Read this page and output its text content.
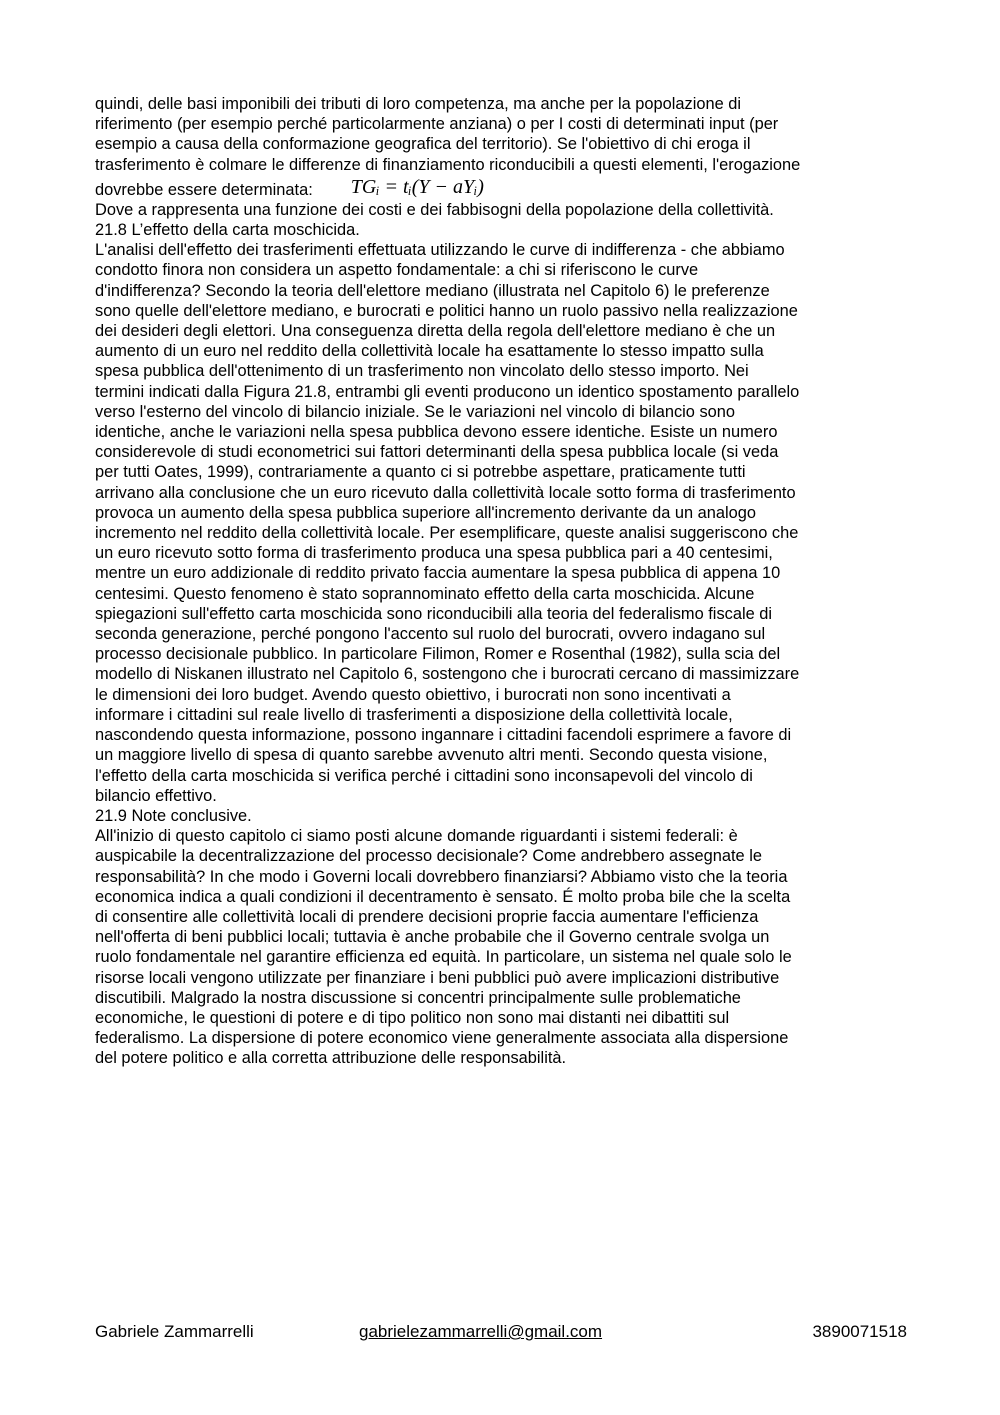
quindi, delle basi imponibili dei tributi di loro competenza, ma anche per la popolazione di

riferimento (per esempio perché particolarmente anziana) o per I costi di determinati input (per

esempio a causa della conformazione geografica del territorio). Se l'obiettivo di chi eroga il

trasferimento è colmare le differenze di finanziamento riconducibili a questi elementi, l'erogazione

dovrebbe essere determinata: TGᵢ = tᵢ(Y − aYᵢ)

Dove a rappresenta una funzione dei costi e dei fabbisogni della popolazione della collettività.

21.8 L’effetto della carta moschicida.

L'analisi dell'effetto dei trasferimenti effettuata utilizzando le curve di indifferenza - che abbiamo

condotto finora non considera un aspetto fondamentale: a chi si riferiscono le curve

d'indifferenza? Secondo la teoria dell'elettore mediano (illustrata nel Capitolo 6) le preferenze

sono quelle dell'elettore mediano, e burocrati e politici hanno un ruolo passivo nella realizzazione

dei desideri degli elettori. Una conseguenza diretta della regola dell'elettore mediano è che un

aumento di un euro nel reddito della collettività locale ha esattamente lo stesso impatto sulla

spesa pubblica dell'ottenimento di un trasferimento non vincolato dello stesso importo. Nei

termini indicati dalla Figura 21.8, entrambi gli eventi producono un identico spostamento parallelo

verso l'esterno del vincolo di bilancio iniziale. Se le variazioni nel vincolo di bilancio sono

identiche, anche le variazioni nella spesa pubblica devono essere identiche. Esiste un numero

considerevole di studi econometrici sui fattori determinanti della spesa pubblica locale (si veda

per tutti Oates, 1999), contrariamente a quanto ci si potrebbe aspettare, praticamente tutti

arrivano alla conclusione che un euro ricevuto dalla collettività locale sotto forma di trasferimento

provoca un aumento della spesa pubblica superiore all'incremento derivante da un analogo

incremento nel reddito della collettività locale. Per esemplificare, queste analisi suggeriscono che

un euro ricevuto sotto forma di trasferimento produca una spesa pubblica pari a 40 centesimi,

mentre un euro addizionale di reddito privato faccia aumentare la spesa pubblica di appena 10

centesimi. Questo fenomeno è stato soprannominato effetto della carta moschicida. Alcune

spiegazioni sull'effetto carta moschicida sono riconducibili alla teoria del federalismo fiscale di

seconda generazione, perché pongono l'accento sul ruolo del burocrati, ovvero indagano sul

processo decisionale pubblico. In particolare Filimon, Romer e Rosenthal (1982), sulla scia del

modello di Niskanen illustrato nel Capitolo 6, sostengono che i burocrati cercano di massimizzare

le dimensioni dei loro budget. Avendo questo obiettivo, i burocrati non sono incentivati a

informare i cittadini sul reale livello di trasferimenti a disposizione della collettività locale,

nascondendo questa informazione, possono ingannare i cittadini facendoli esprimere a favore di

un maggiore livello di spesa di quanto sarebbe avvenuto altri menti. Secondo questa visione,

l'effetto della carta moschicida si verifica perché i cittadini sono inconsapevoli del vincolo di

bilancio effettivo.

21.9 Note conclusive.

All'inizio di questo capitolo ci siamo posti alcune domande riguardanti i sistemi federali: è

auspicabile la decentralizzazione del processo decisionale? Come andrebbero assegnate le

responsabilità? In che modo i Governi locali dovrebbero finanziarsi? Abbiamo visto che la teoria

economica indica a quali condizioni il decentramento è sensato. É molto proba bile che la scelta

di consentire alle collettività locali di prendere decisioni proprie faccia aumentare l'efficienza

nell'offerta di beni pubblici locali; tuttavia è anche probabile che il Governo centrale svolga un

ruolo fondamentale nel garantire efficienza ed equità. In particolare, un sistema nel quale solo le

risorse locali vengono utilizzate per finanziare i beni pubblici può avere implicazioni distributive

discutibili. Malgrado la nostra discussione si concentri principalmente sulle problematiche

economiche, le questioni di potere e di tipo politico non sono mai distanti nei dibattiti sul

federalismo. La dispersione di potere economico viene generalmente associata alla dispersione

del potere politico e alla corretta attribuzione delle responsabilità.

Gabriele Zammarrelli	gabrielezammarrelli@gmail.com	3890071518
